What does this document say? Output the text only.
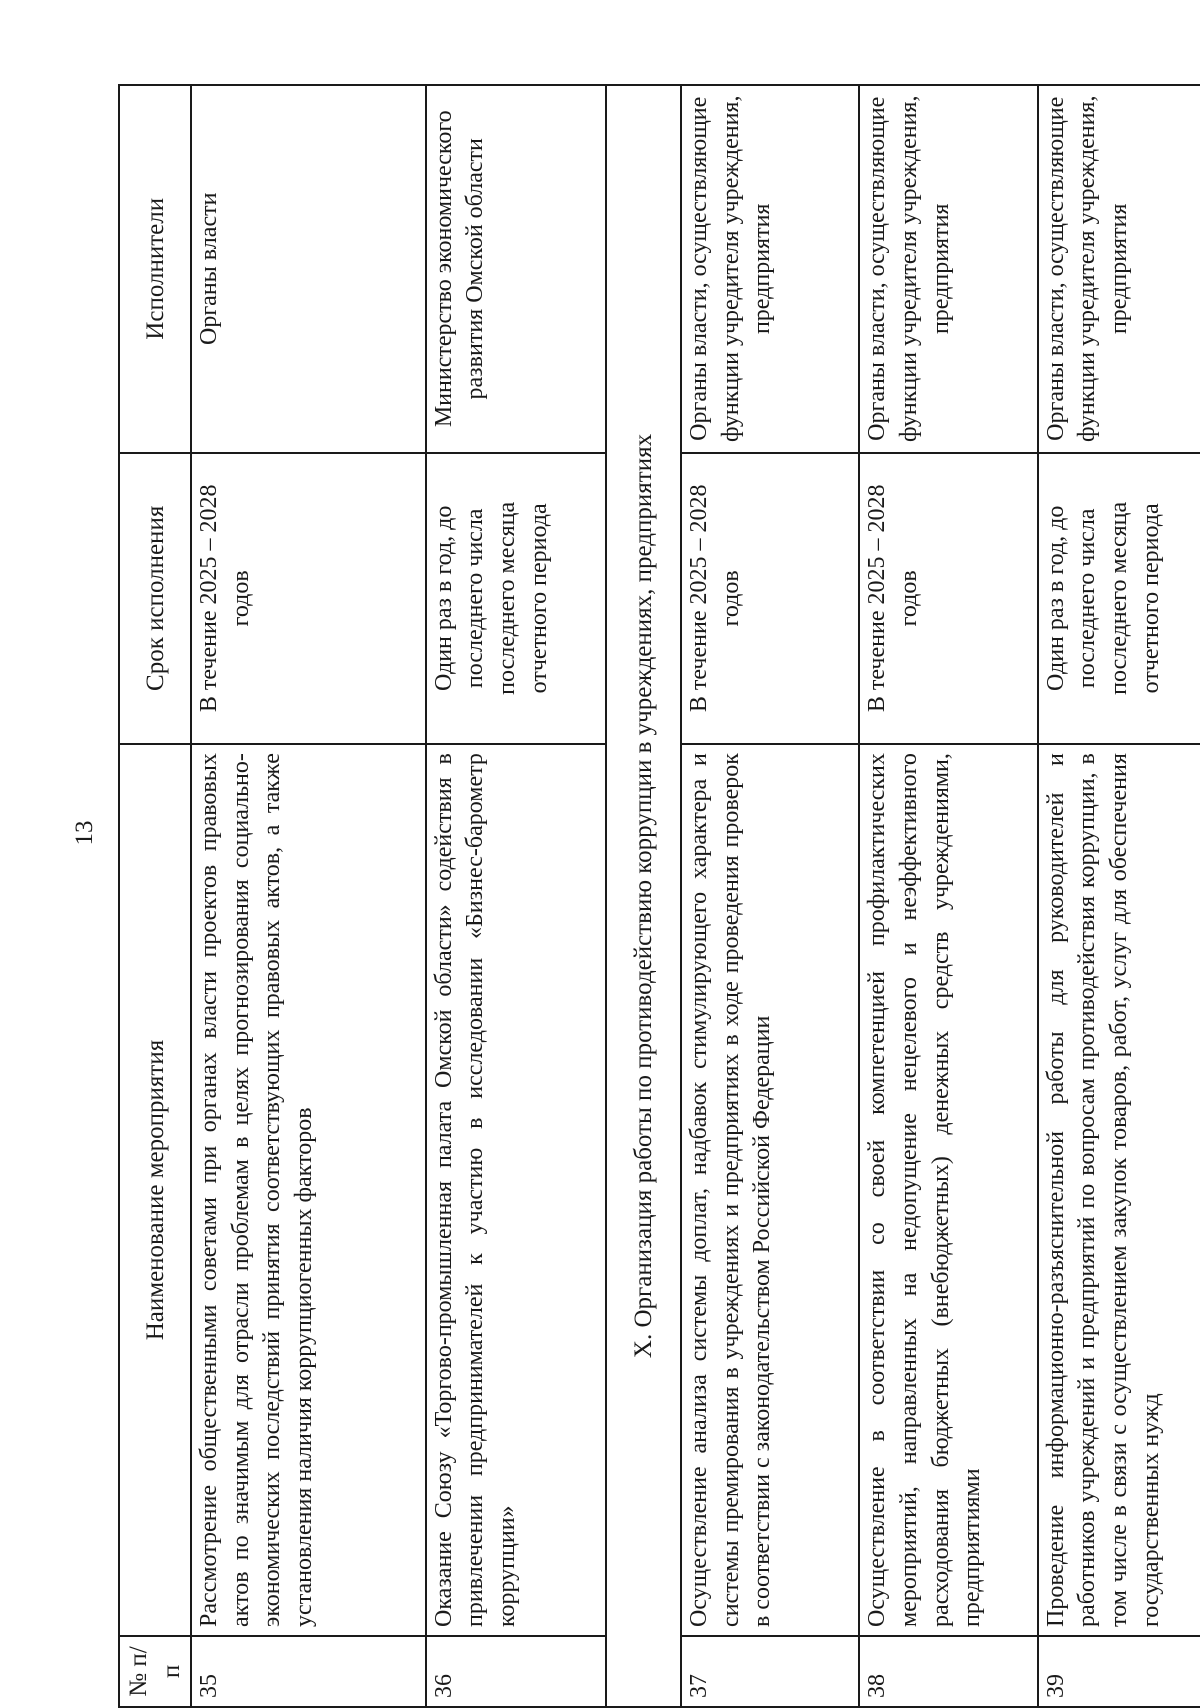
13
№ п/п	Наименование мероприятия	Срок исполнения	Исполнители
35	Рассмотрение общественными советами при органах власти проектов правовых актов по значимым для отрасли проблемам в целях прогнозирования социально-экономических последствий принятия соответствующих правовых актов, а также установления наличия коррупциогенных факторов	В течение 2025 – 2028 годов	Органы власти
36	Оказание Союзу «Торгово-промышленная палата Омской области» содействия в привлечении предпринимателей к участию в исследовании «Бизнес-барометр коррупции»	Один раз в год, до последнего числа последнего месяца отчетного периода	Министерство экономического развития Омской области
X. Организация работы по противодействию коррупции в учреждениях, предприятиях			
37	Осуществление анализа системы доплат, надбавок стимулирующего характера и системы премирования в учреждениях и предприятиях в ходе проведения проверок в соответствии с законодательством Российской Федерации	В течение 2025 – 2028 годов	Органы власти, осуществляющие функции учредителя учреждения, предприятия
38	Осуществление в соответствии со своей компетенцией профилактических мероприятий, направленных на недопущение нецелевого и неэффективного расходования бюджетных (внебюджетных) денежных средств учреждениями, предприятиями	В течение 2025 – 2028 годов	Органы власти, осуществляющие функции учредителя учреждения, предприятия
39	Проведение информационно-разъяснительной работы для руководителей и работников учреждений и предприятий по вопросам противодействия коррупции, в том числе в связи с осуществлением закупок товаров, работ, услуг для обеспечения государственных нужд	Один раз в год, до последнего числа последнего месяца отчетного периода	Органы власти, осуществляющие функции учредителя учреждения, предприятия
